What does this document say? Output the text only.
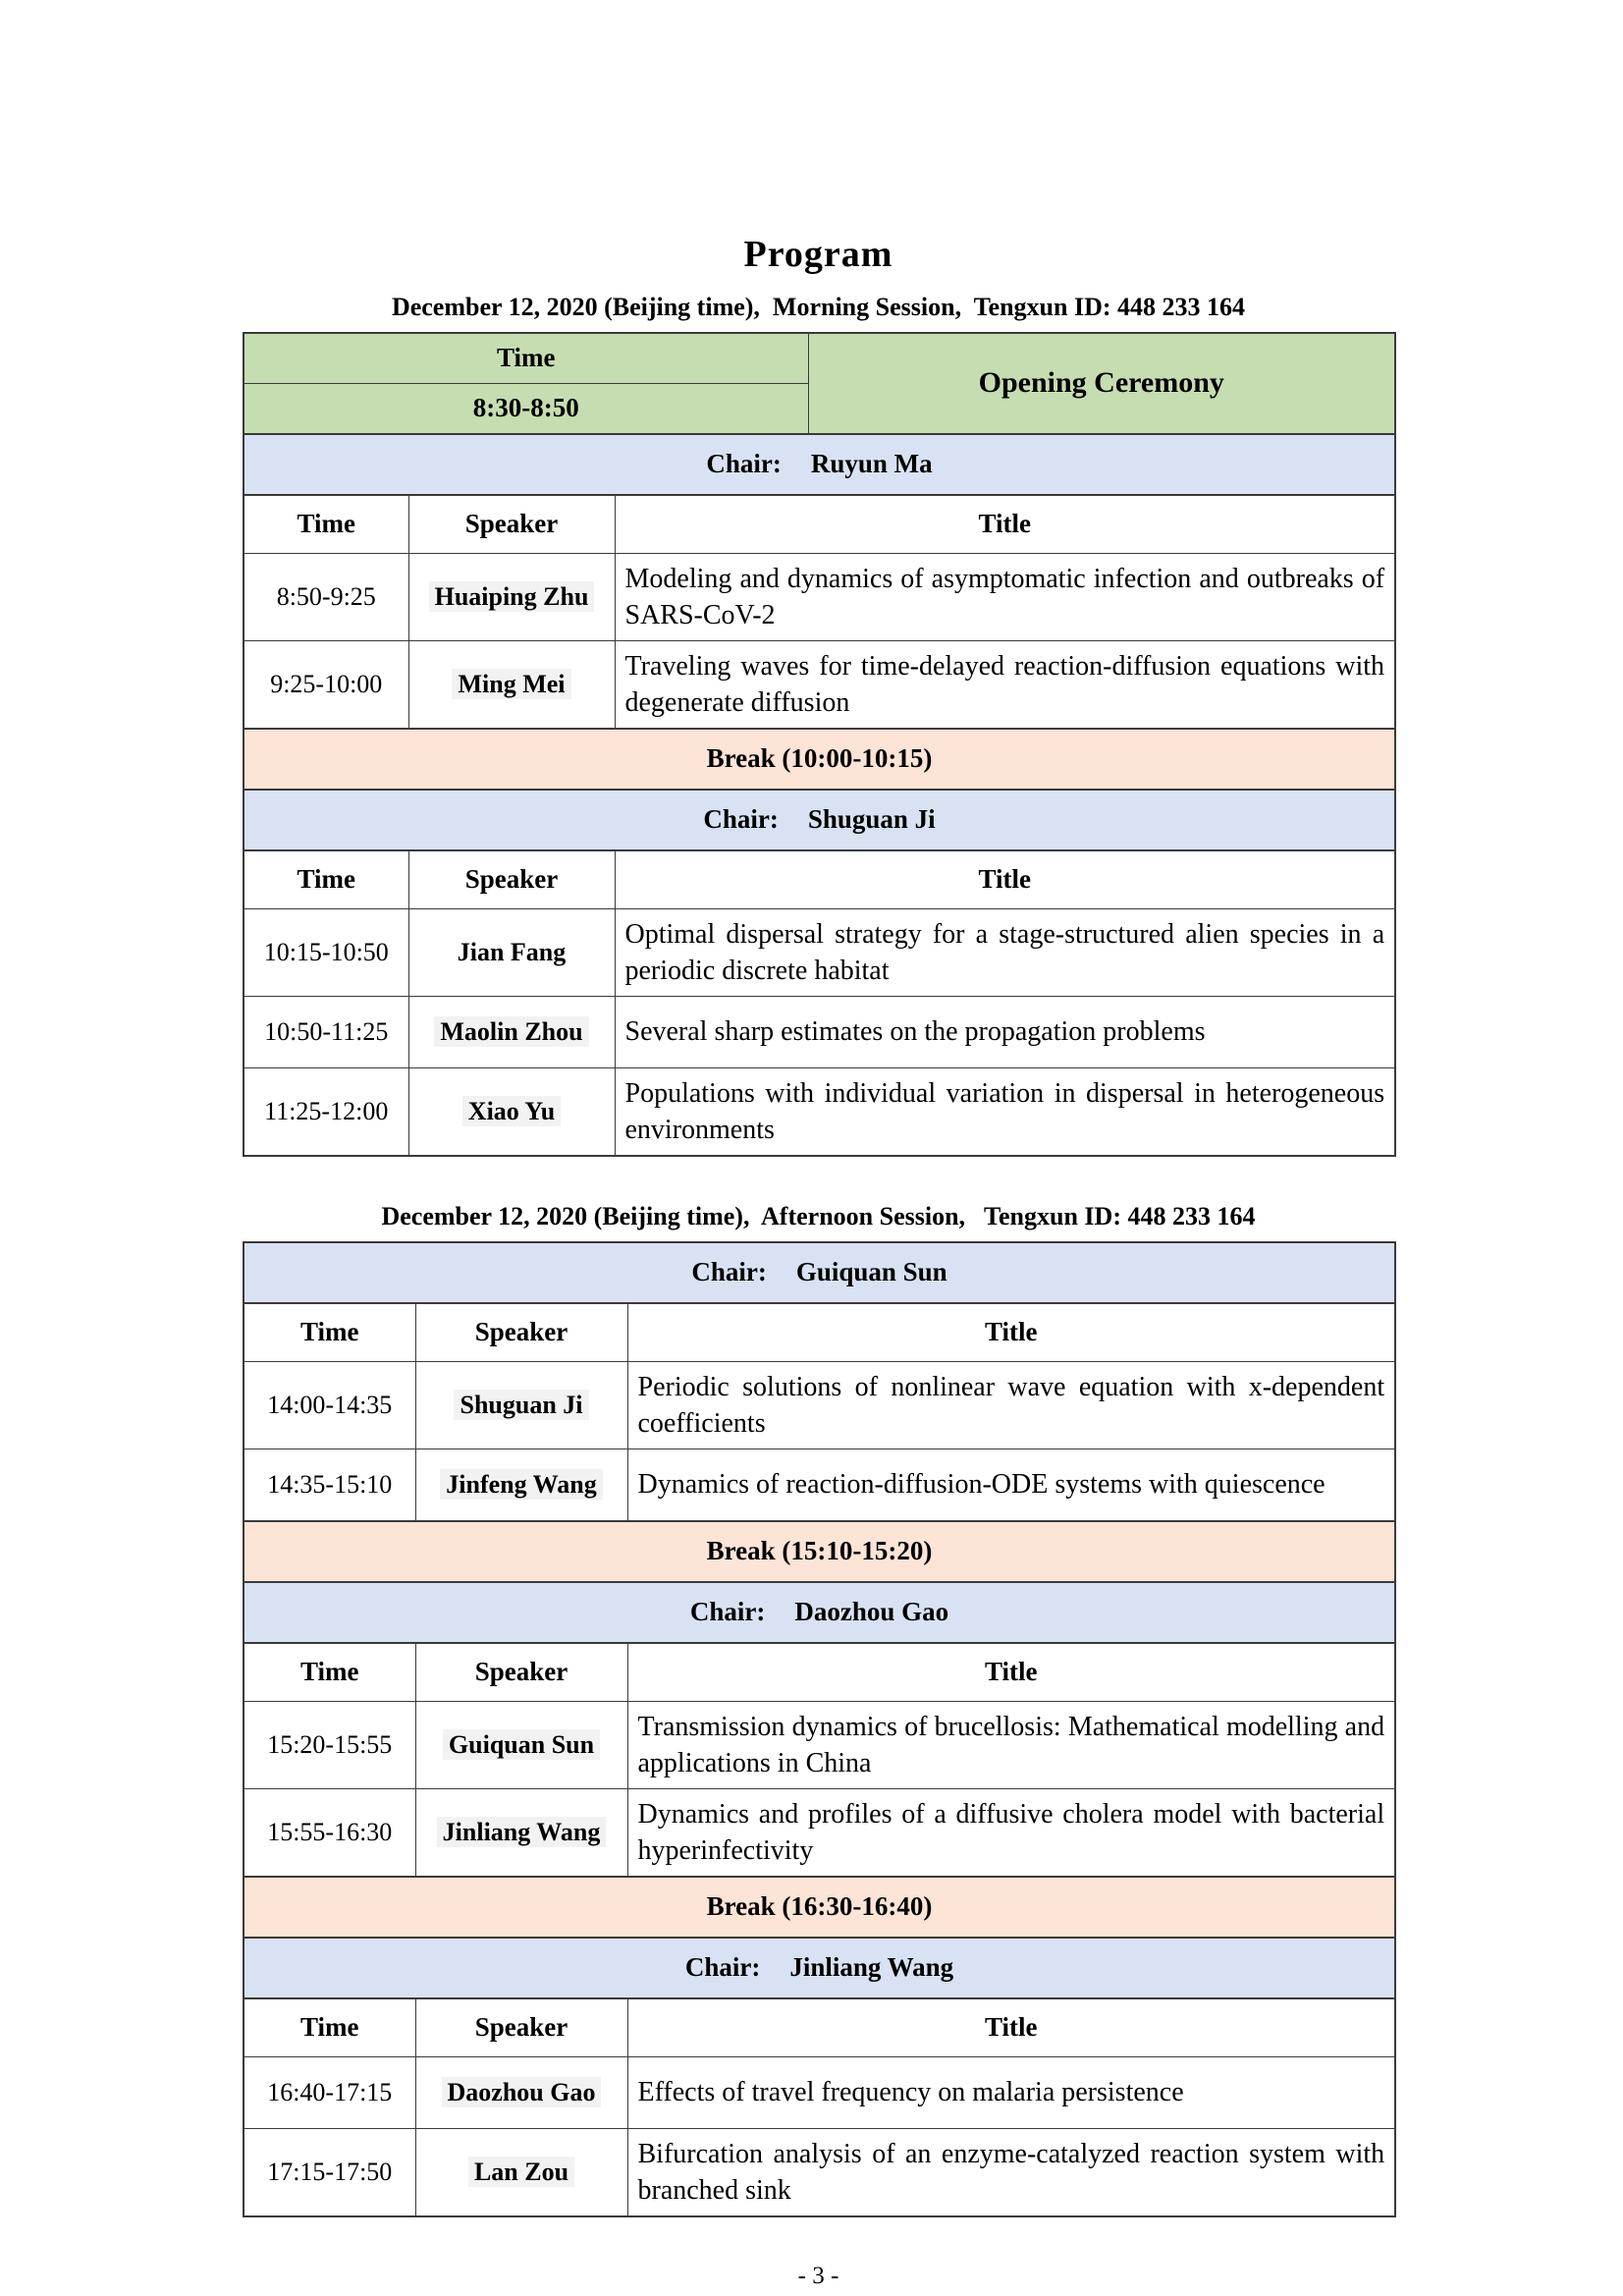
Program
December 12, 2020 (Beijing time),  Morning Session,  Tengxun ID: 448 233 164
Time			Opening Ceremony
8:30-8:50			
Chair: Ruyun Ma			
Time	Speaker	Title	
8:50-9:25	Huaiping Zhu	Modeling and dynamics of asymptomatic infection and outbreaks of SARS-CoV-2	
9:25-10:00	Ming Mei	Traveling waves for time-delayed reaction-diffusion equations with degenerate diffusion	
Break (10:00-10:15)			
Chair: Shuguan Ji			
Time	Speaker	Title	
10:15-10:50	Jian Fang	Optimal dispersal strategy for a stage-structured alien species in a periodic discrete habitat	
10:50-11:25	Maolin Zhou	Several sharp estimates on the propagation problems	
11:25-12:00	Xiao Yu	Populations with individual variation in dispersal in heterogeneous environments	
December 12, 2020 (Beijing time),  Afternoon Session,   Tengxun ID: 448 233 164
Chair: Guiquan Sun		
Time	Speaker	Title
14:00-14:35	Shuguan Ji	Periodic solutions of nonlinear wave equation with x-dependent coefficients
14:35-15:10	Jinfeng Wang	Dynamics of reaction-diffusion-ODE systems with quiescence
Break (15:10-15:20)		
Chair: Daozhou Gao		
Time	Speaker	Title
15:20-15:55	Guiquan Sun	Transmission dynamics of brucellosis: Mathematical modelling and applications in China
15:55-16:30	Jinliang Wang	Dynamics and profiles of a diffusive cholera model with bacterial hyperinfectivity
Break (16:30-16:40)		
Chair: Jinliang Wang		
Time	Speaker	Title
16:40-17:15	Daozhou Gao	Effects of travel frequency on malaria persistence
17:15-17:50	Lan Zou	Bifurcation analysis of an enzyme-catalyzed reaction system with branched sink
- 3 -
